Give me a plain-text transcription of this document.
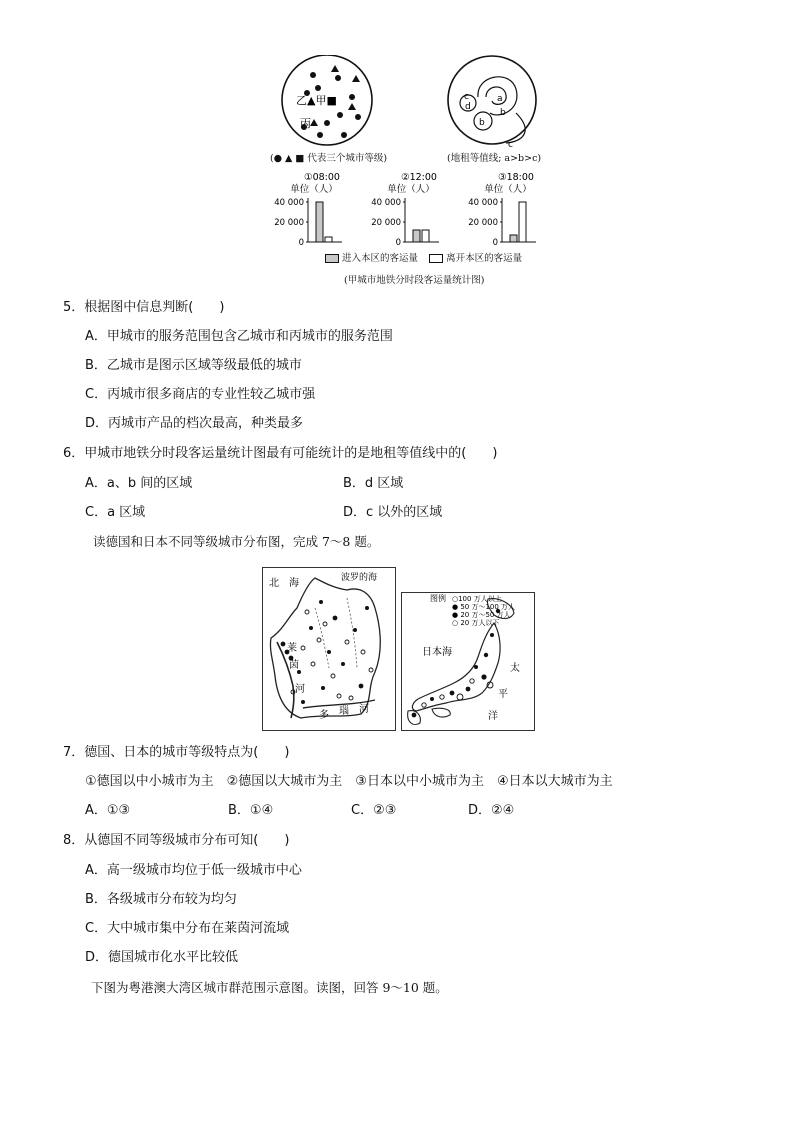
乙▲甲■
丙
a
b
b
c
d
c
(● ▲ ■ 代表三个城市等级)	(地租等值线; a>b>c)
①08:00
单位（人）
40 000
20 000
0
②12:00
单位（人）
40 000
20 000
0
③18:00
单位（人）
40 000
20 000
0
进入本区的客运量	离开本区的客运量
(甲城市地铁分时段客运量统计图)
5．根据图中信息判断(　　)
A．甲城市的服务范围包含乙城市和丙城市的服务范围
B．乙城市是图示区域等级最低的城市
C．丙城市很多商店的专业性较乙城市强
D．丙城市产品的档次最高，种类最多
6．甲城市地铁分时段客运量统计图最有可能统计的是地租等值线中的(　　)
A．a、b 间的区域	B．d 区域
C．a 区域	D．c 以外的区域
读德国和日本不同等级城市分布图，完成 7～8 题。
北　海	波罗的海
莱
茵
河
多 瑙 河
图例 ○100 万人以上
● 50 万～100 万人
● 20 万～50 万人
○ 20 万人以下
日本海
太
平
洋
7．德国、日本的城市等级特点为(　　)
①德国以中小城市为主　②德国以大城市为主　③日本以中小城市为主　④日本以大城市为主
A．①③	B．①④	C．②③	D．②④
8．从德国不同等级城市分布可知(　　)
A．高一级城市均位于低一级城市中心
B．各级城市分布较为均匀
C．大中城市集中分布在莱茵河流域
D．德国城市化水平比较低
下图为粤港澳大湾区城市群范围示意图。读图，回答 9～10 题。
